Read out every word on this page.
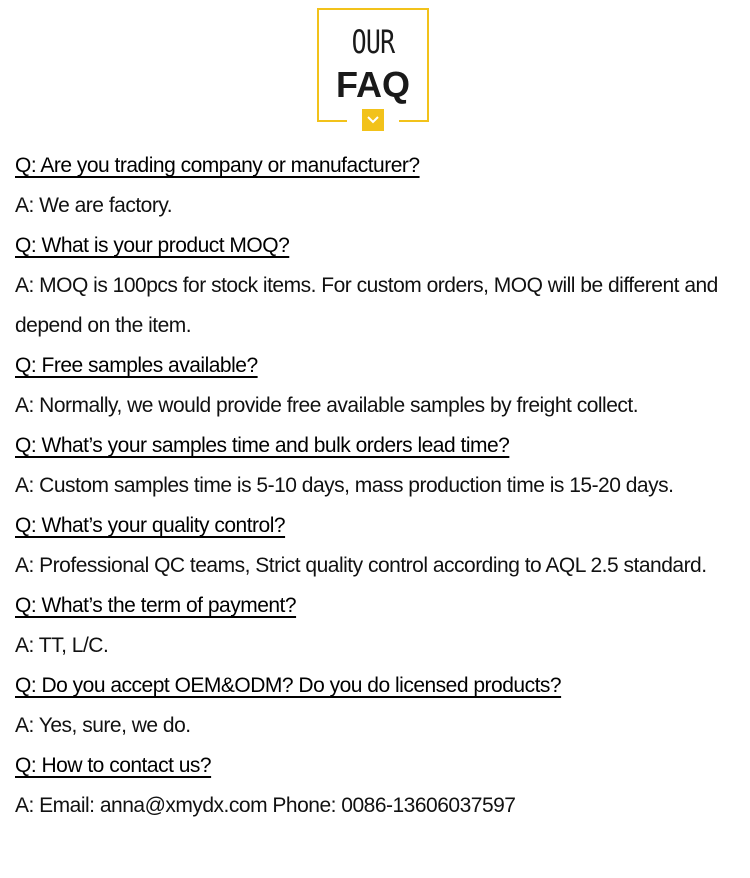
OUR
FAQ
Q: Are you trading company or manufacturer?
A: We are factory.
Q: What is your product MOQ?
A: MOQ is 100pcs for stock items. For custom orders, MOQ will be different and depend on the item.
Q: Free samples available?
A: Normally, we would provide free available samples by freight collect.
Q: What’s your samples time and bulk orders lead time?
A: Custom samples time is 5-10 days, mass production time is 15-20 days.
Q: What’s your quality control?
A: Professional QC teams, Strict quality control according to AQL 2.5 standard.
Q: What’s the term of payment?
A: TT, L/C.
Q: Do you accept OEM&ODM? Do you do licensed products?
A: Yes, sure, we do.
Q: How to contact us?
A: Email: anna@xmydx.com Phone: 0086-13606037597
